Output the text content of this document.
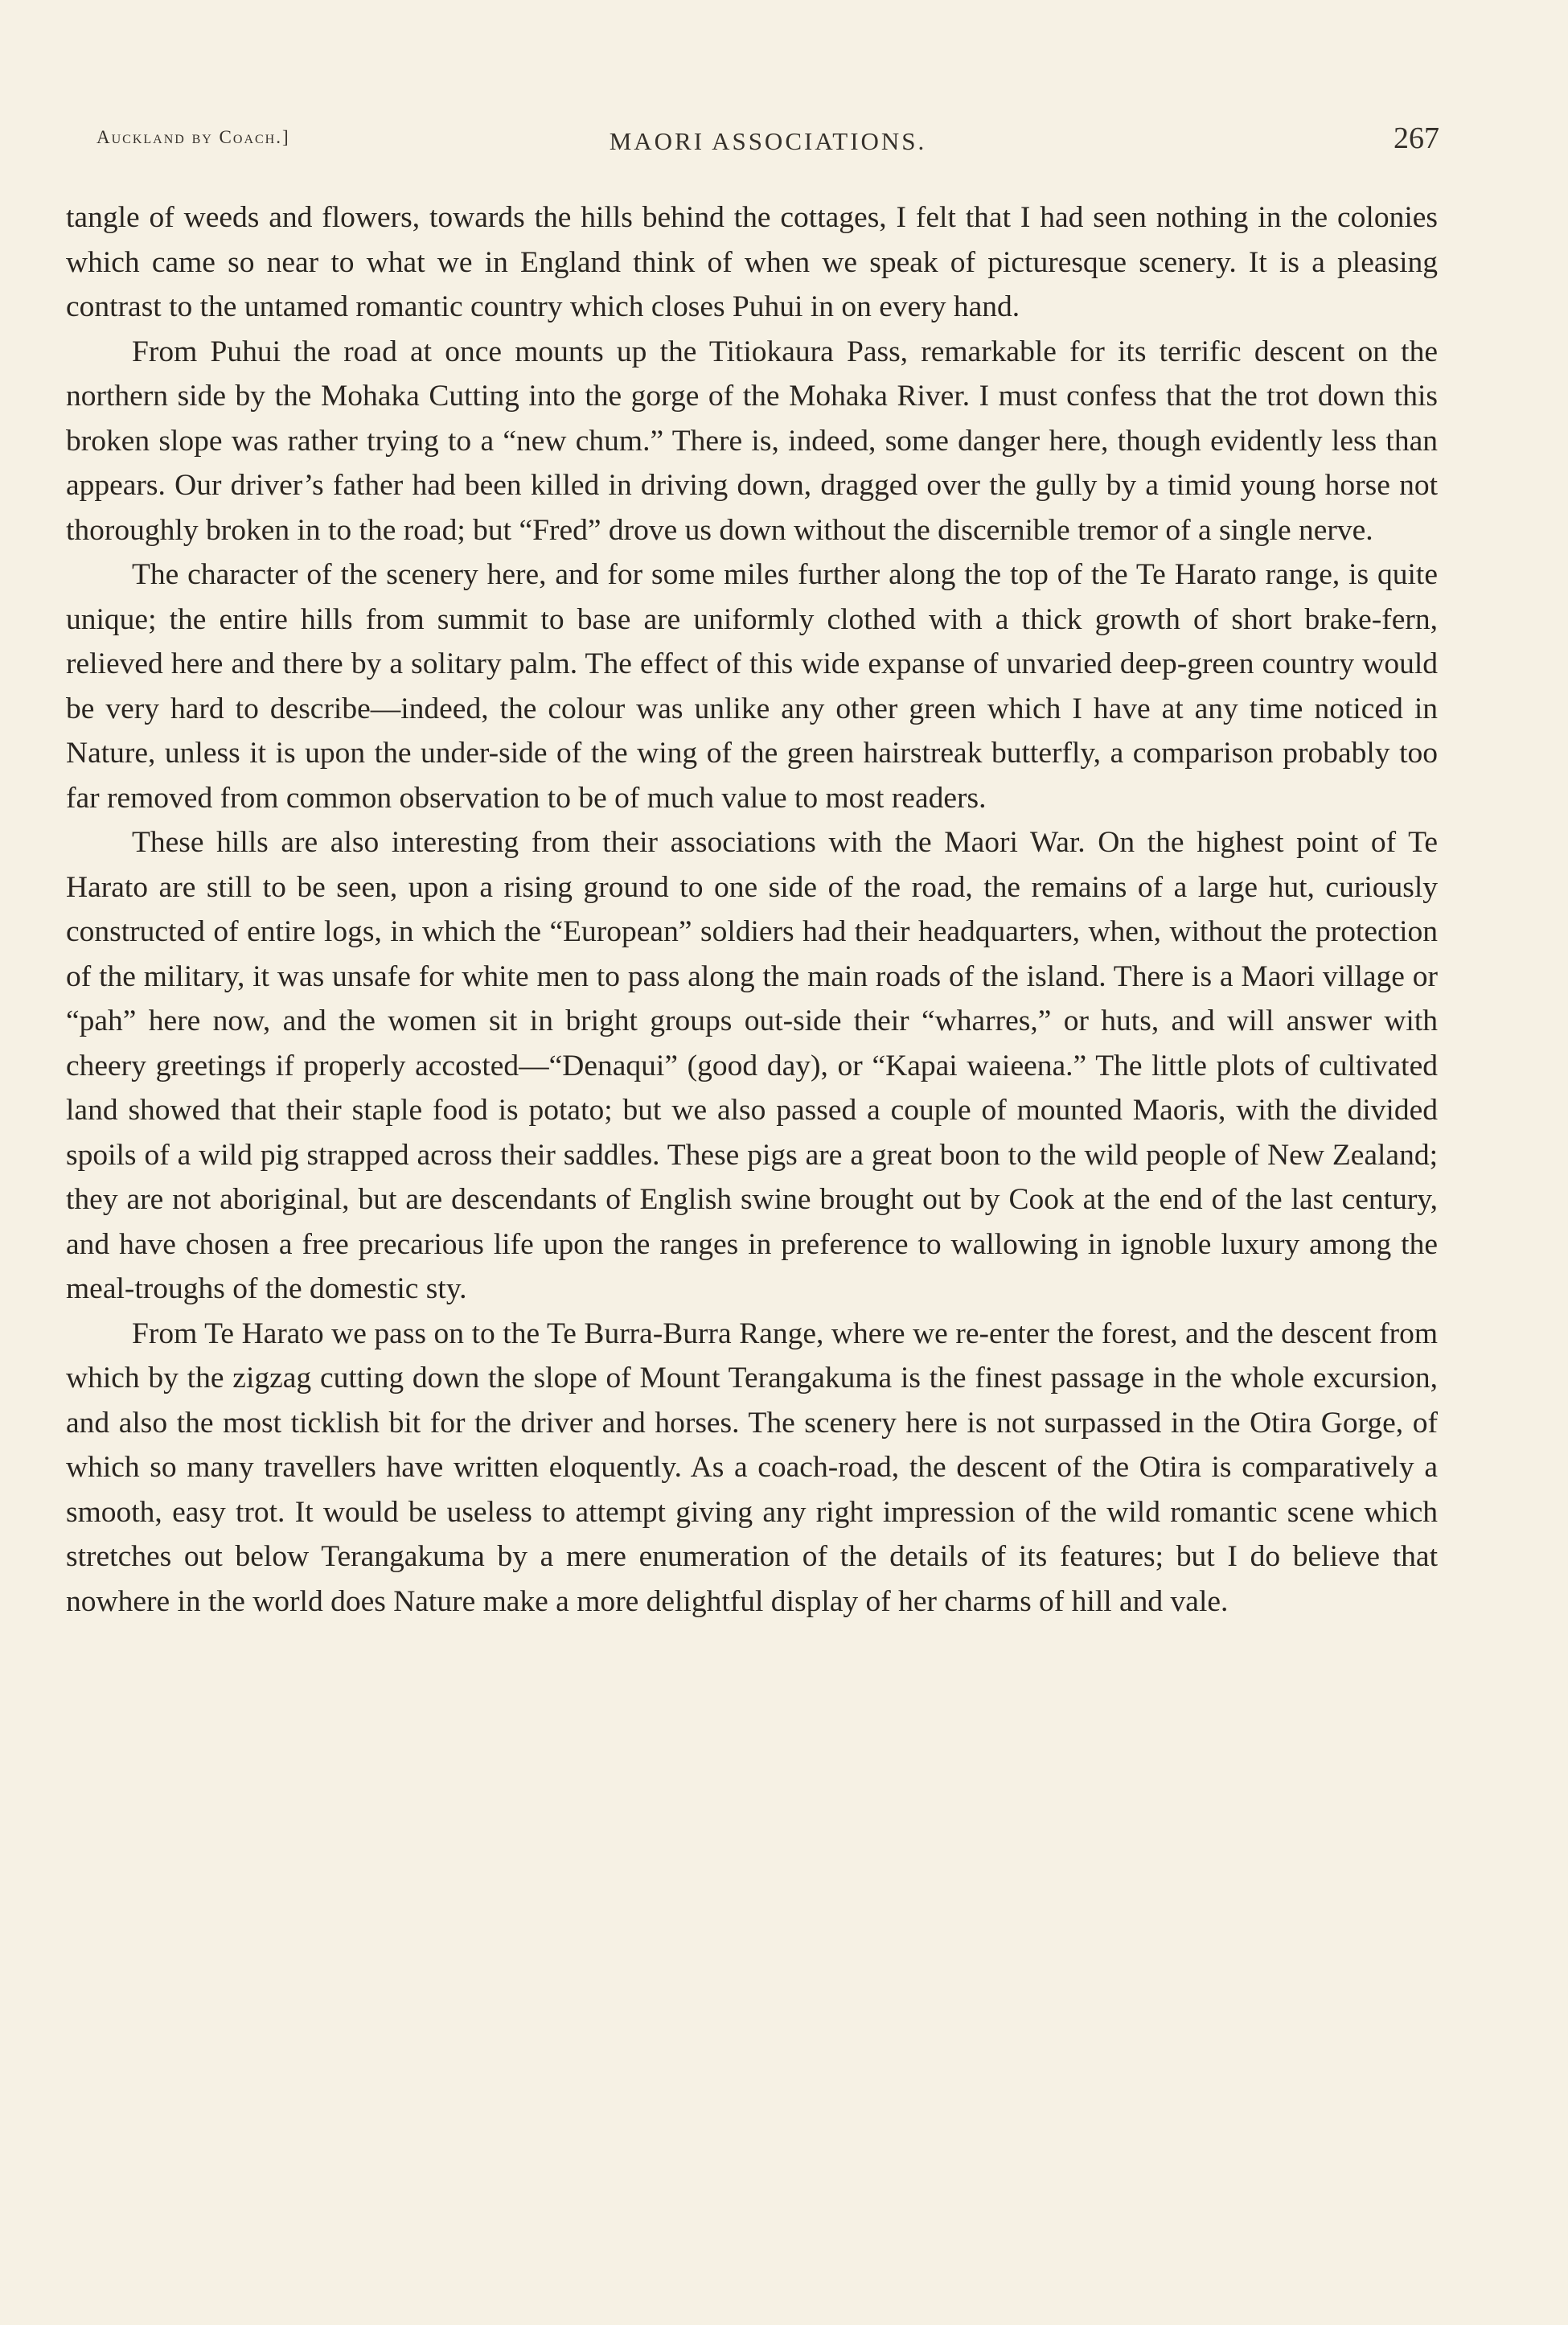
Auckland by Coach.]	MAORI ASSOCIATIONS.	267

tangle of weeds and flowers, towards the hills behind the cottages, I felt that I had seen nothing in the colonies which came so near to what we in England think of when we speak of picturesque scenery. It is a pleasing contrast to the untamed romantic country which closes Puhui in on every hand.

From Puhui the road at once mounts up the Titiokaura Pass, remarkable for its terrific descent on the northern side by the Mohaka Cutting into the gorge of the Mohaka River. I must confess that the trot down this broken slope was rather trying to a “new chum.” There is, indeed, some danger here, though evidently less than appears. Our driver’s father had been killed in driving down, dragged over the gully by a timid young horse not thoroughly broken in to the road; but “Fred” drove us down without the discernible tremor of a single nerve.

The character of the scenery here, and for some miles further along the top of the Te Harato range, is quite unique; the entire hills from summit to base are uniformly clothed with a thick growth of short brake-fern, relieved here and there by a solitary palm. The effect of this wide expanse of unvaried deep-green country would be very hard to describe—indeed, the colour was unlike any other green which I have at any time noticed in Nature, unless it is upon the under-side of the wing of the green hairstreak butterfly, a comparison probably too far removed from common observation to be of much value to most readers.

These hills are also interesting from their associations with the Maori War. On the highest point of Te Harato are still to be seen, upon a rising ground to one side of the road, the remains of a large hut, curiously constructed of entire logs, in which the “European” soldiers had their headquarters, when, without the protection of the military, it was unsafe for white men to pass along the main roads of the island. There is a Maori village or “pah” here now, and the women sit in bright groups out-side their “wharres,” or huts, and will answer with cheery greetings if properly accosted—“Denaqui” (good day), or “Kapai waieena.” The little plots of cultivated land showed that their staple food is potato; but we also passed a couple of mounted Maoris, with the divided spoils of a wild pig strapped across their saddles. These pigs are a great boon to the wild people of New Zealand; they are not aboriginal, but are descendants of English swine brought out by Cook at the end of the last century, and have chosen a free precarious life upon the ranges in preference to wallowing in ignoble luxury among the meal-troughs of the domestic sty.

From Te Harato we pass on to the Te Burra-Burra Range, where we re-enter the forest, and the descent from which by the zigzag cutting down the slope of Mount Terangakuma is the finest passage in the whole excursion, and also the most ticklish bit for the driver and horses. The scenery here is not surpassed in the Otira Gorge, of which so many travellers have written eloquently. As a coach-road, the descent of the Otira is comparatively a smooth, easy trot. It would be useless to attempt giving any right impression of the wild romantic scene which stretches out below Terangakuma by a mere enumeration of the details of its features; but I do believe that nowhere in the world does Nature make a more delightful display of her charms of hill and vale.
